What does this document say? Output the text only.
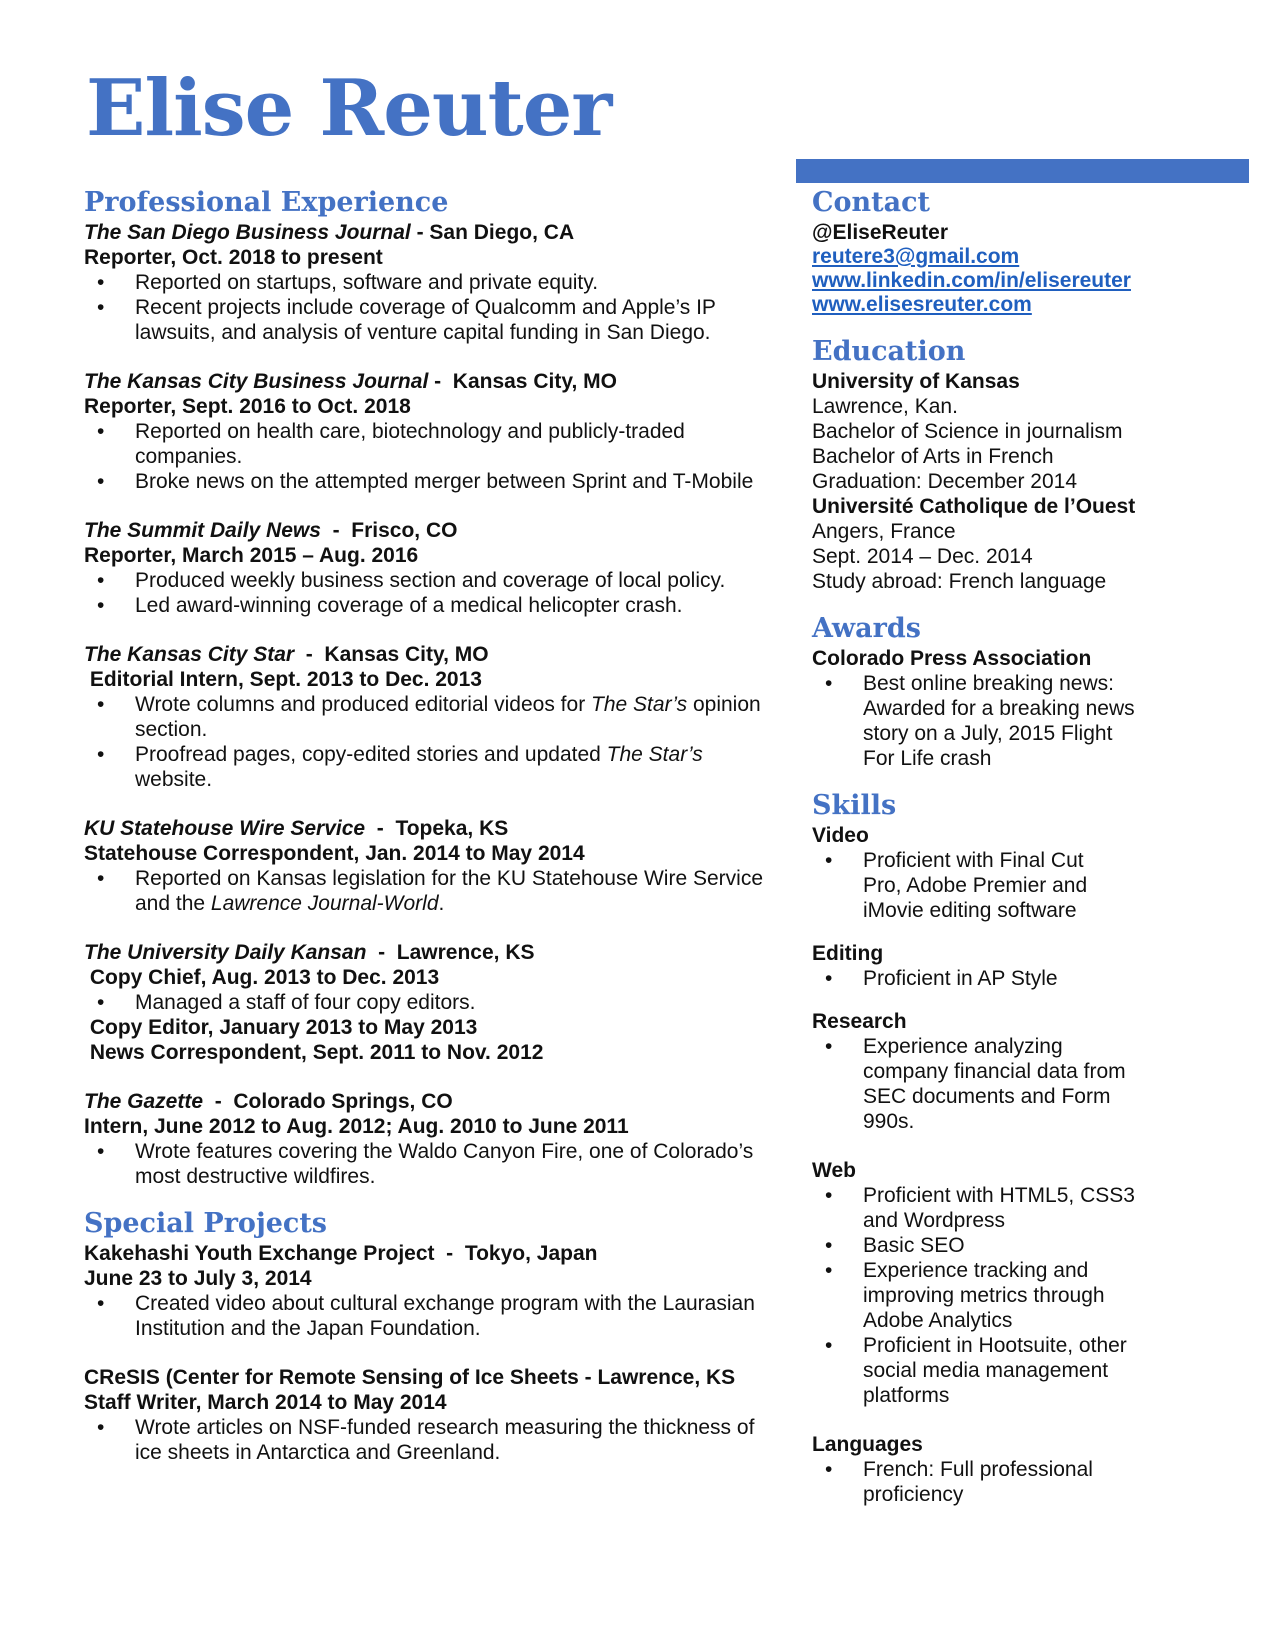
Elise Reuter
Professional Experience
The San Diego Business Journal - San Diego, CA
Reporter, Oct. 2018 to present
• Reported on startups, software and private equity.
• Recent projects include coverage of Qualcomm and Apple’s IP lawsuits, and analysis of venture capital funding in San Diego.
The Kansas City Business Journal -  Kansas City, MO
Reporter, Sept. 2016 to Oct. 2018
• Reported on health care, biotechnology and publicly-traded companies.
• Broke news on the attempted merger between Sprint and T-Mobile
The Summit Daily News  -  Frisco, CO
Reporter, March 2015 – Aug. 2016
• Produced weekly business section and coverage of local policy.
• Led award-winning coverage of a medical helicopter crash.
The Kansas City Star  -  Kansas City, MO
Editorial Intern, Sept. 2013 to Dec. 2013
• Wrote columns and produced editorial videos for The Star’s opinion section.
• Proofread pages, copy-edited stories and updated The Star’s website.
KU Statehouse Wire Service  -  Topeka, KS
Statehouse Correspondent, Jan. 2014 to May 2014
• Reported on Kansas legislation for the KU Statehouse Wire Service and the Lawrence Journal-World.
The University Daily Kansan  -  Lawrence, KS
Copy Chief, Aug. 2013 to Dec. 2013
• Managed a staff of four copy editors.
Copy Editor, January 2013 to May 2013
News Correspondent, Sept. 2011 to Nov. 2012
The Gazette  -  Colorado Springs, CO
Intern, June 2012 to Aug. 2012; Aug. 2010 to June 2011
• Wrote features covering the Waldo Canyon Fire, one of Colorado’s most destructive wildfires.
Special Projects
Kakehashi Youth Exchange Project  -  Tokyo, Japan
June 23 to July 3, 2014
• Created video about cultural exchange program with the Laurasian Institution and the Japan Foundation.
CReSIS (Center for Remote Sensing of Ice Sheets - Lawrence, KS
Staff Writer, March 2014 to May 2014
• Wrote articles on NSF-funded research measuring the thickness of ice sheets in Antarctica and Greenland.
Contact
@EliseReuter
reutere3@gmail.com
www.linkedin.com/in/elisereuter
www.elisesreuter.com
Education
University of Kansas
Lawrence, Kan.
Bachelor of Science in journalism
Bachelor of Arts in French
Graduation: December 2014
Université Catholique de l’Ouest
Angers, France
Sept. 2014 – Dec. 2014
Study abroad: French language
Awards
Colorado Press Association
• Best online breaking news: Awarded for a breaking news story on a July, 2015 Flight For Life crash
Skills
Video
• Proficient with Final Cut Pro, Adobe Premier and iMovie editing software
Editing
• Proficient in AP Style
Research
• Experience analyzing company financial data from SEC documents and Form 990s.
Web
• Proficient with HTML5, CSS3 and Wordpress
• Basic SEO
• Experience tracking and improving metrics through Adobe Analytics
• Proficient in Hootsuite, other social media management platforms
Languages
• French: Full professional proficiency
